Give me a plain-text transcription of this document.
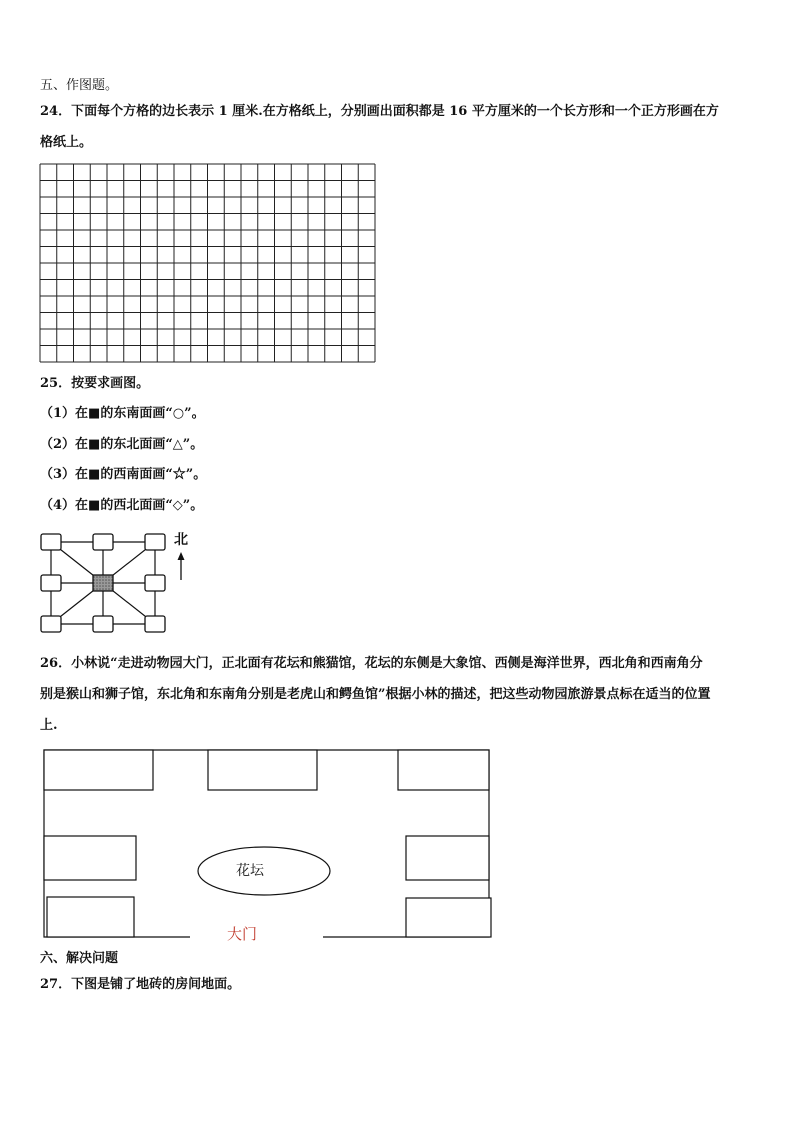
五、作图题。
24．下面每个方格的边长表示 1 厘米.在方格纸上，分别画出面积都是 16 平方厘米的一个长方形和一个正方形画在方
格纸上。
25．按要求画图。
（1）在■的东南面画“○”。
（2）在■的东北面画“△”。
（3）在■的西南面画“☆”。
（4）在■的西北面画“◇”。
北
26．小林说“走进动物园大门，正北面有花坛和熊猫馆，花坛的东侧是大象馆、西侧是海洋世界，西北角和西南角分
别是猴山和狮子馆，东北角和东南角分别是老虎山和鳄鱼馆”根据小林的描述，把这些动物园旅游景点标在适当的位置
上.
花坛
大门
六、解决问题
27．下图是铺了地砖的房间地面。
